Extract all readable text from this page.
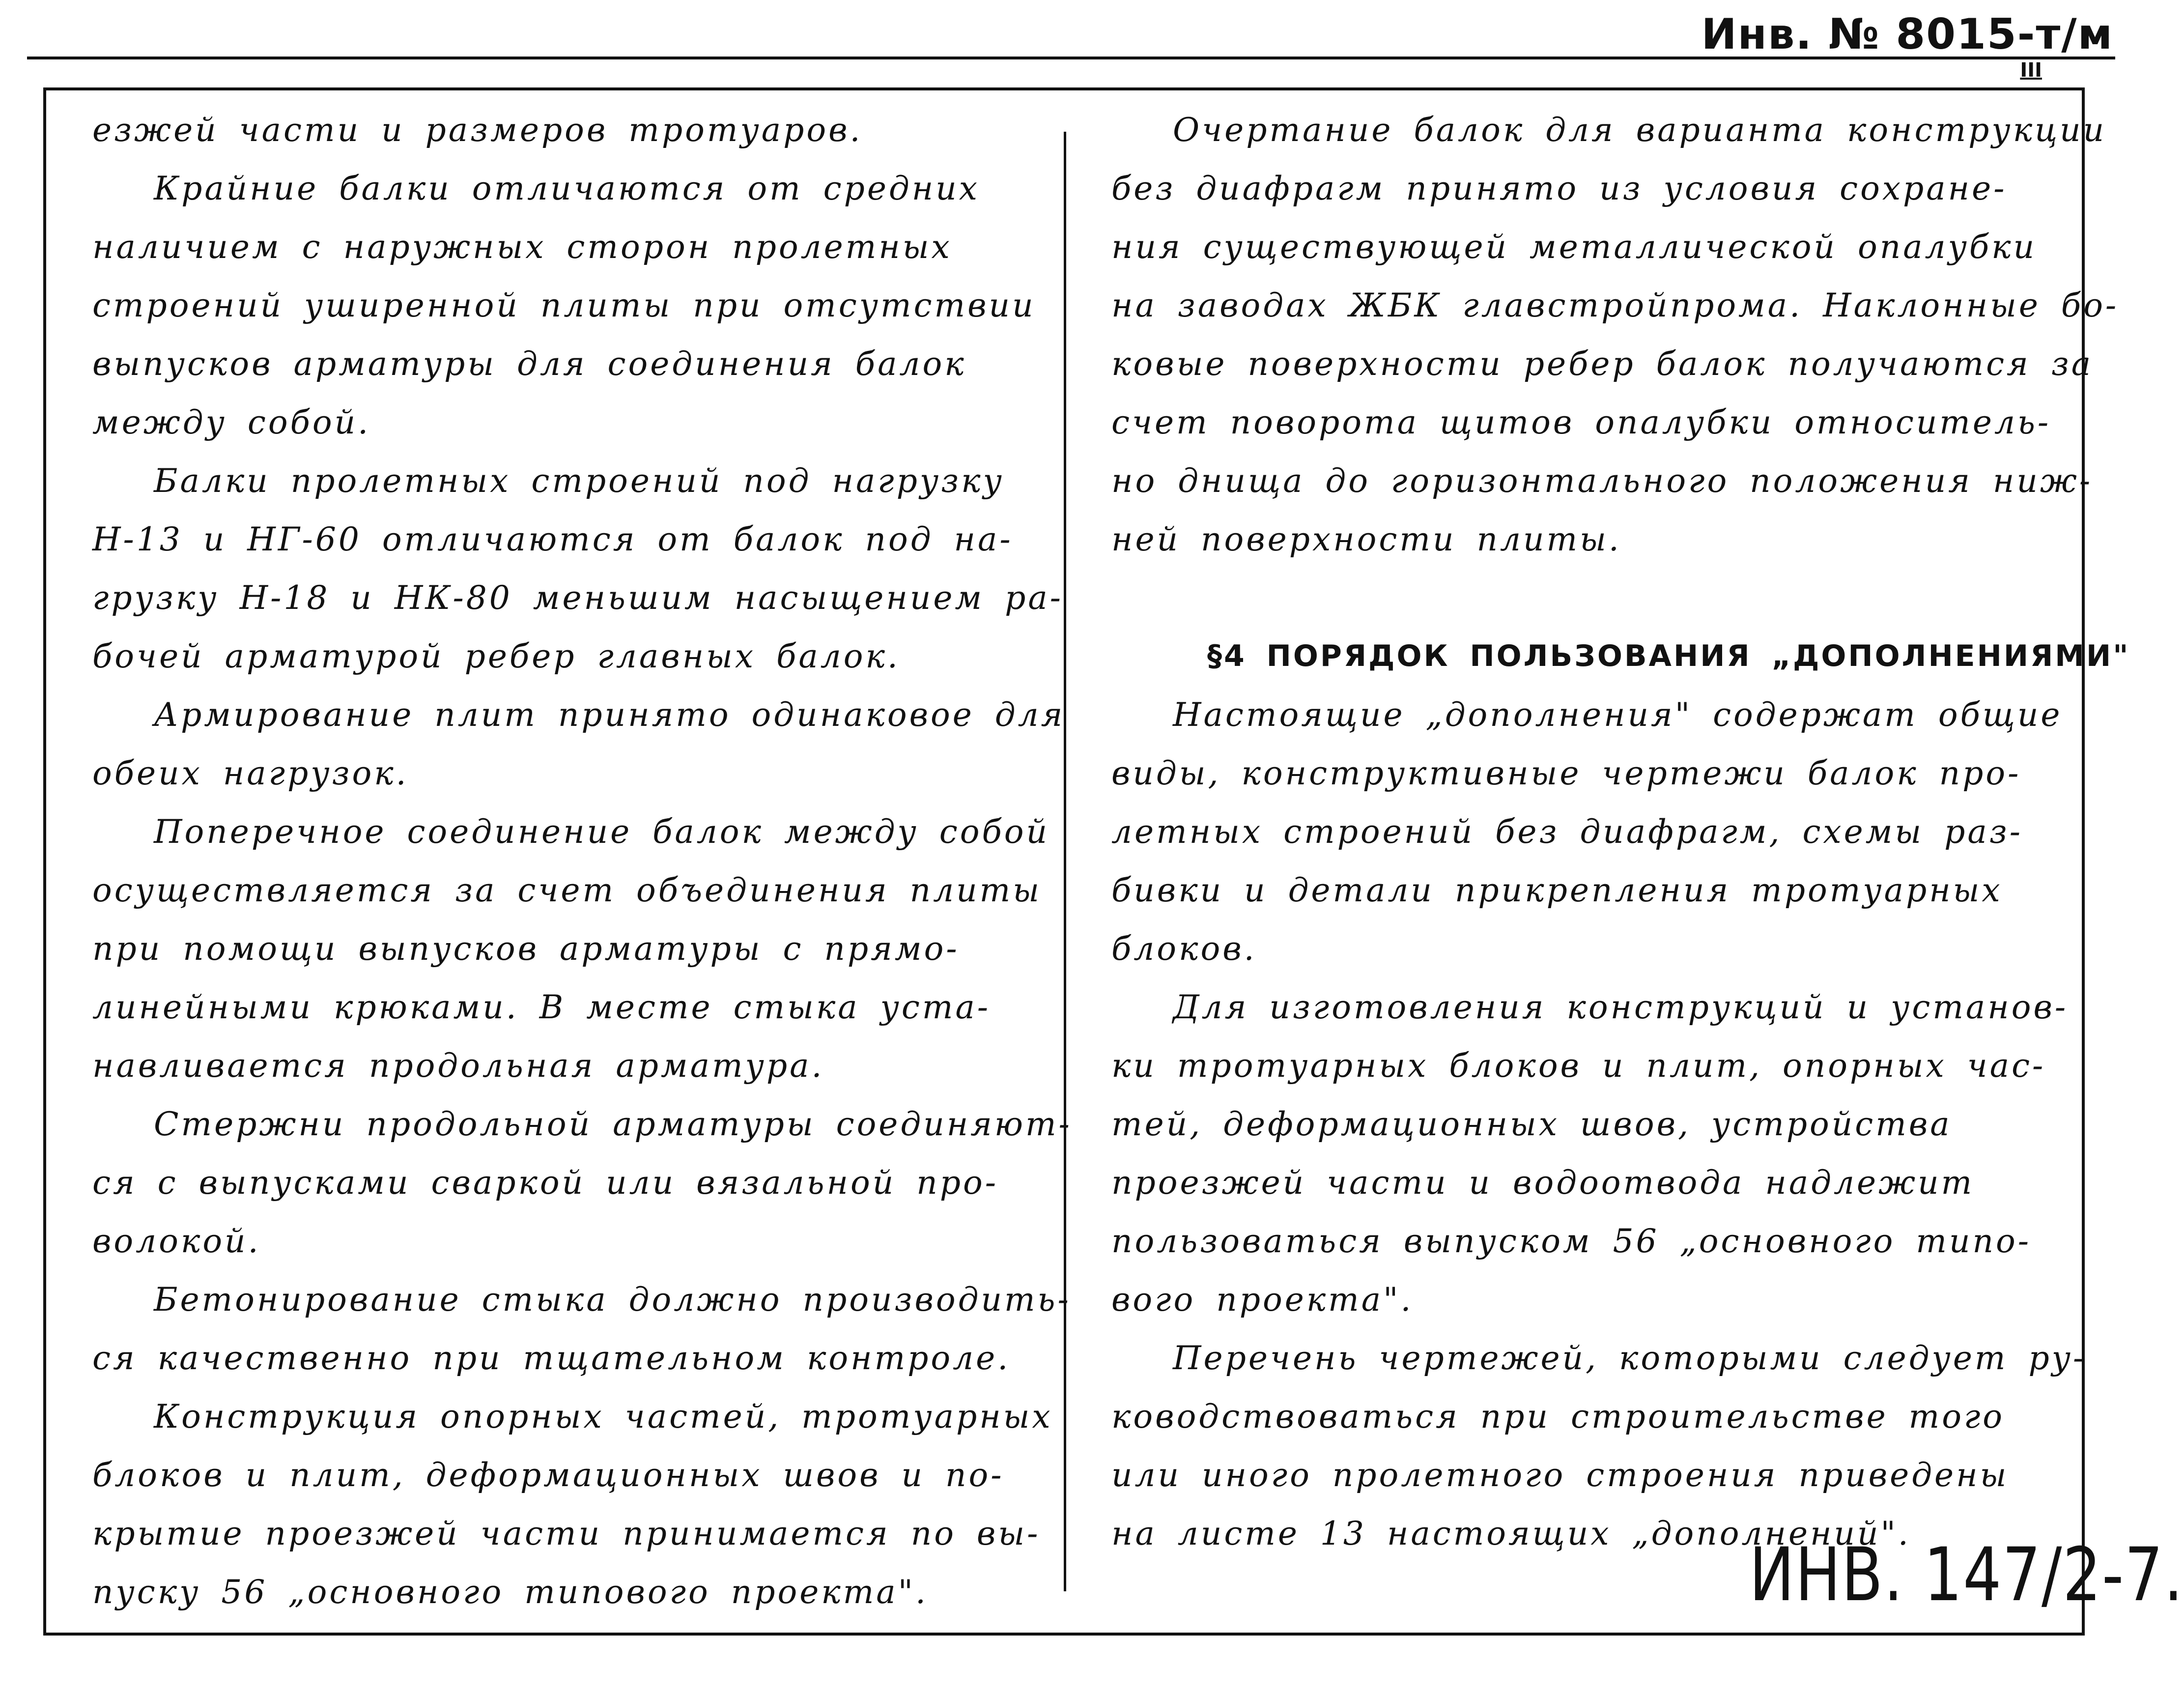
Инв. № 8015-т/м
III

езжей части и размеров тротуаров.

Крайние балки отличаются от средних

наличием с наружных сторон пролетных

строений уширенной плиты при отсутствии

выпусков арматуры для соединения балок

между собой.

Балки пролетных строений под нагрузку

Н-13 и НГ-60 отличаются от балок под на-

грузку Н-18 и НК-80 меньшим насыщением ра-

бочей арматурой ребер главных балок.

Армирование плит принято одинаковое для

обеих нагрузок.

Поперечное соединение балок между собой

осуществляется за счет объединения плиты

при помощи выпусков арматуры с прямо-

линейными крюками. В месте стыка уста-

навливается продольная арматура.

Стержни продольной арматуры соединяют-

ся с выпусками сваркой или вязальной про-

волокой.

Бетонирование стыка должно производить-

ся качественно при тщательном контроле.

Конструкция опорных частей, тротуарных

блоков и плит, деформационных швов и по-

крытие проезжей части принимается по вы-

пуску 56 „основного типового проекта".

Очертание балок для варианта конструкции

без диафрагм принято из условия сохране-

ния существующей металлической опалубки

на заводах ЖБК главстройпрома. Наклонные бо-

ковые поверхности ребер балок получаются за

счет поворота щитов опалубки относитель-

но днища до горизонтального положения ниж-

ней поверхности плиты.

§4 ПОРЯДОК ПОЛЬЗОВАНИЯ „ДОПОЛНЕНИЯМИ"

Настоящие „дополнения" содержат общие

виды, конструктивные чертежи балок про-

летных строений без диафрагм, схемы раз-

бивки и детали прикрепления тротуарных

блоков.

Для изготовления конструкций и установ-

ки тротуарных блоков и плит, опорных час-

тей, деформационных швов, устройства

проезжей части и водоотвода надлежит

пользоваться выпуском 56 „основного типо-

вого проекта".

Перечень чертежей, которыми следует ру-

ководствоваться при строительстве того

или иного пролетного строения приведены

на листе 13 настоящих „дополнений".

ИНВ. 147/2-7.
